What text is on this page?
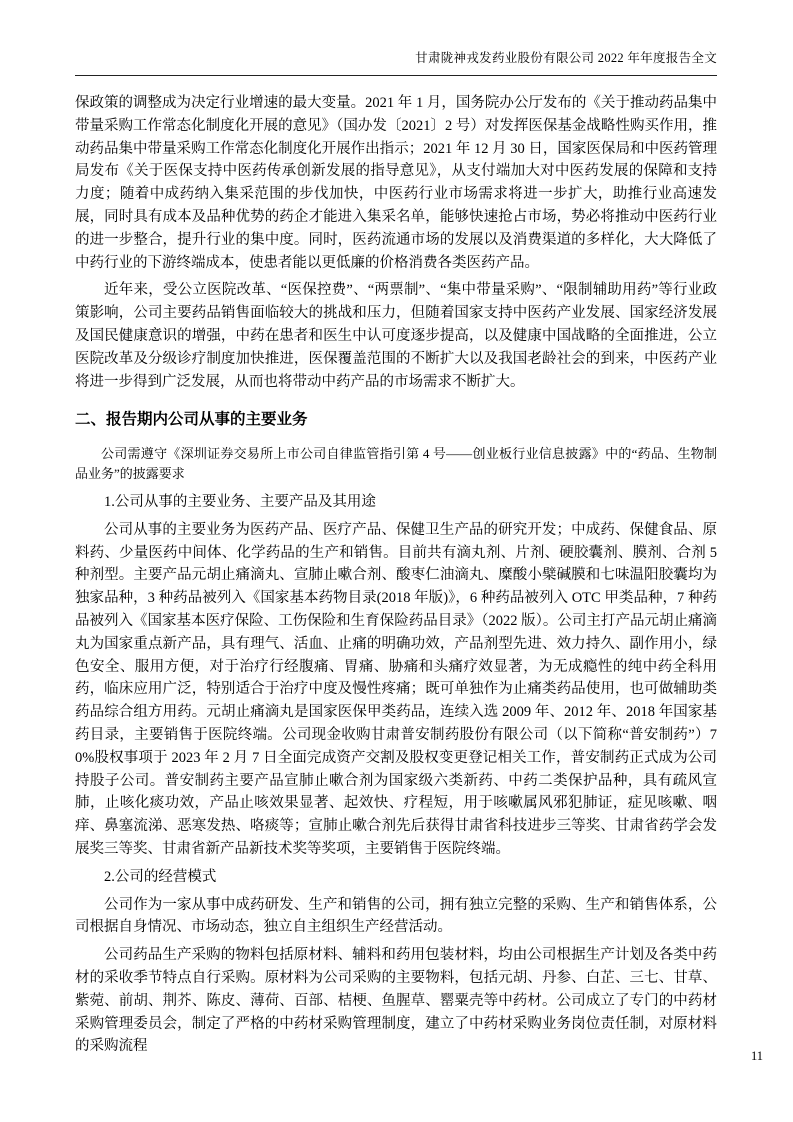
甘肃陇神戎发药业股份有限公司 2022 年年度报告全文

保政策的调整成为决定行业增速的最大变量。2021 年 1 月，国务院办公厅发布的《关于推动药品集中带量采购工作常态化制度化开展的意见》（国办发〔2021〕2 号）对发挥医保基金战略性购买作用，推动药品集中带量采购工作常态化制度化开展作出指示；2021 年 12 月 30 日，国家医保局和中医药管理局发布《关于医保支持中医药传承创新发展的指导意见》，从支付端加大对中医药发展的保障和支持力度；随着中成药纳入集采范围的步伐加快，中医药行业市场需求将进一步扩大，助推行业高速发展，同时具有成本及品种优势的药企才能进入集采名单，能够快速抢占市场，势必将推动中医药行业的进一步整合，提升行业的集中度。同时，医药流通市场的发展以及消费渠道的多样化，大大降低了中药行业的下游终端成本，使患者能以更低廉的价格消费各类医药产品。

近年来，受公立医院改革、“医保控费”、“两票制”、“集中带量采购”、“限制辅助用药”等行业政策影响，公司主要药品销售面临较大的挑战和压力，但随着国家支持中医药产业发展、国家经济发展及国民健康意识的增强，中药在患者和医生中认可度逐步提高，以及健康中国战略的全面推进，公立医院改革及分级诊疗制度加快推进，医保覆盖范围的不断扩大以及我国老龄社会的到来，中医药产业将进一步得到广泛发展，从而也将带动中药产品的市场需求不断扩大。

二、报告期内公司从事的主要业务

公司需遵守《深圳证券交易所上市公司自律监管指引第 4 号——创业板行业信息披露》中的“药品、生物制品业务”的披露要求

1.公司从事的主要业务、主要产品及其用途

公司从事的主要业务为医药产品、医疗产品、保健卫生产品的研究开发；中成药、保健食品、原料药、少量医药中间体、化学药品的生产和销售。目前共有滴丸剂、片剂、硬胶囊剂、膜剂、合剂 5 种剂型。主要产品元胡止痛滴丸、宣肺止嗽合剂、酸枣仁油滴丸、糜酸小檗碱膜和七味温阳胶囊均为独家品种，3 种药品被列入《国家基本药物目录(2018 年版)》，6 种药品被列入 OTC 甲类品种，7 种药品被列入《国家基本医疗保险、工伤保险和生育保险药品目录》（2022 版）。公司主打产品元胡止痛滴丸为国家重点新产品，具有理气、活血、止痛的明确功效，产品剂型先进、效力持久、副作用小，绿色安全、服用方便，对于治疗行经腹痛、胃痛、胁痛和头痛疗效显著，为无成瘾性的纯中药全科用药，临床应用广泛，特别适合于治疗中度及慢性疼痛；既可单独作为止痛类药品使用，也可做辅助类药品综合组方用药。元胡止痛滴丸是国家医保甲类药品，连续入选 2009 年、2012 年、2018 年国家基药目录，主要销售于医院终端。公司现金收购甘肃普安制药股份有限公司（以下简称“普安制药”）70%股权事项于 2023 年 2 月 7 日全面完成资产交割及股权变更登记相关工作，普安制药正式成为公司持股子公司。普安制药主要产品宣肺止嗽合剂为国家级六类新药、中药二类保护品种，具有疏风宣肺，止咳化痰功效，产品止咳效果显著、起效快、疗程短，用于咳嗽属风邪犯肺证，症见咳嗽、咽痒、鼻塞流涕、恶寒发热、咯痰等；宣肺止嗽合剂先后获得甘肃省科技进步三等奖、甘肃省药学会发展奖三等奖、甘肃省新产品新技术奖等奖项，主要销售于医院终端。

2.公司的经营模式

公司作为一家从事中成药研发、生产和销售的公司，拥有独立完整的采购、生产和销售体系，公司根据自身情况、市场动态，独立自主组织生产经营活动。

公司药品生产采购的物料包括原材料、辅料和药用包装材料，均由公司根据生产计划及各类中药材的采收季节特点自行采购。原材料为公司采购的主要物料，包括元胡、丹参、白芷、三七、甘草、紫菀、前胡、荆芥、陈皮、薄荷、百部、桔梗、鱼腥草、罂粟壳等中药材。公司成立了专门的中药材采购管理委员会，制定了严格的中药材采购管理制度，建立了中药材采购业务岗位责任制，对原材料的采购流程

11
